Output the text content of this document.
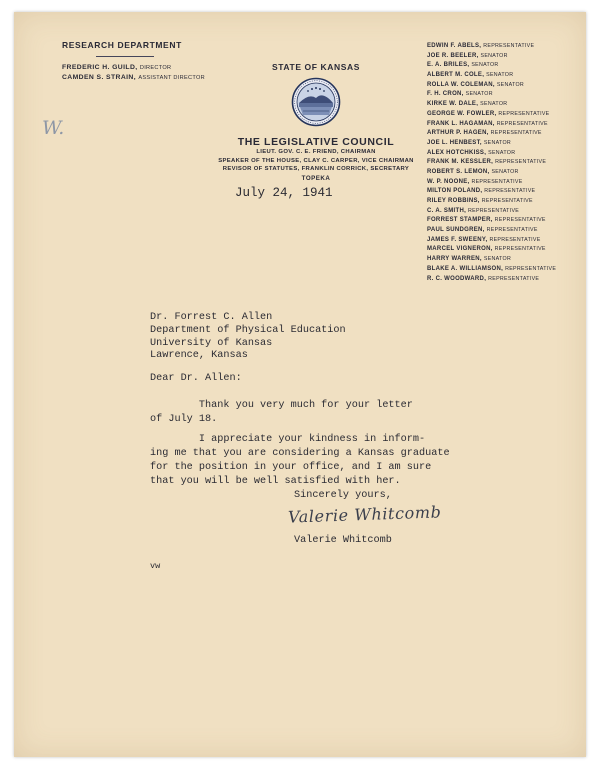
RESEARCH DEPARTMENT
FREDERIC H. GUILD, DIRECTOR
CAMDEN S. STRAIN, ASSISTANT DIRECTOR
STATE OF KANSAS
THE LEGISLATIVE COUNCIL
LIEUT. GOV. C. E. FRIEND, CHAIRMAN
SPEAKER OF THE HOUSE, CLAY C. CARPER, VICE CHAIRMAN
REVISOR OF STATUTES, FRANKLIN CORRICK, SECRETARY
TOPEKA
EDWIN F. ABELS, REPRESENTATIVE
JOE R. BEELER, SENATOR
E. A. BRILES, SENATOR
ALBERT M. COLE, SENATOR
ROLLA W. COLEMAN, SENATOR
F. H. CRON, SENATOR
KIRKE W. DALE, SENATOR
GEORGE W. FOWLER, REPRESENTATIVE
FRANK L. HAGAMAN, REPRESENTATIVE
ARTHUR P. HAGEN, REPRESENTATIVE
JOE L. HENBEST, SENATOR
ALEX HOTCHKISS, SENATOR
FRANK M. KESSLER, REPRESENTATIVE
ROBERT S. LEMON, SENATOR
W. P. NOONE, REPRESENTATIVE
MILTON POLAND, REPRESENTATIVE
RILEY ROBBINS, REPRESENTATIVE
C. A. SMITH, REPRESENTATIVE
FORREST STAMPER, REPRESENTATIVE
PAUL SUNDGREN, REPRESENTATIVE
JAMES F. SWEENY, REPRESENTATIVE
MARCEL VIGNERON, REPRESENTATIVE
HARRY WARREN, SENATOR
BLAKE A. WILLIAMSON, REPRESENTATIVE
R. C. WOODWARD, REPRESENTATIVE
W.
July 24, 1941
Dr. Forrest C. Allen
Department of Physical Education
University of Kansas
Lawrence, Kansas
Dear Dr. Allen:
Thank you very much for your letter
of July 18.
I appreciate your kindness in inform-
ing me that you are considering a Kansas graduate
for the position in your office, and I am sure
that you will be well satisfied with her.
Sincerely yours,
Valerie Whitcomb
Valerie Whitcomb
vw
